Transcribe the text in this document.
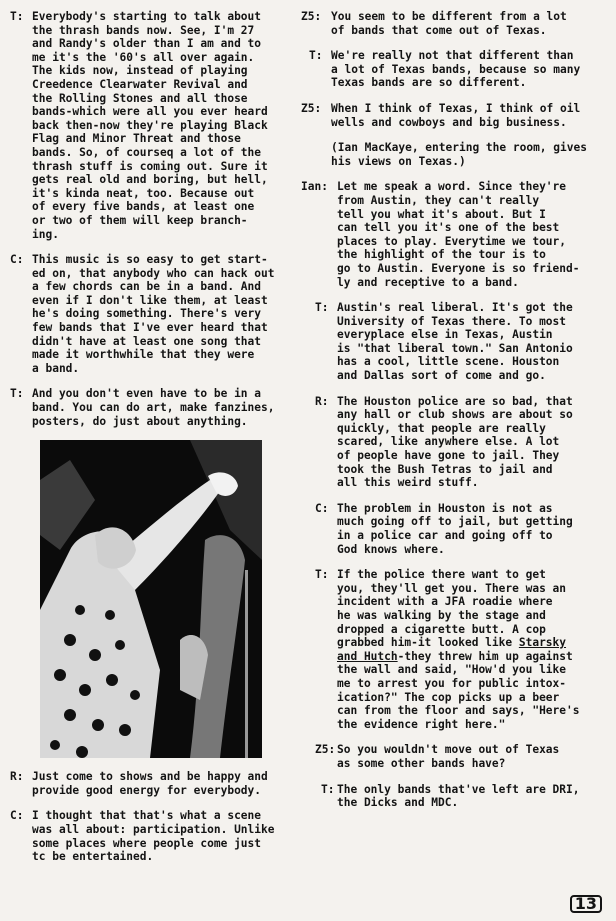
T: Everybody's starting to talk about
the thrash bands now. See, I'm 27
and Randy's older than I am and to
me it's the '60's all over again.
The kids now, instead of playing
Creedence Clearwater Revival and
the Rolling Stones and all those
bands-which were all you ever heard
back then-now they're playing Black
Flag and Minor Threat and those
bands. So, of courseq a lot of the
thrash stuff is coming out. Sure it
gets real old and boring, but hell,
it's kinda neat, too. Because out
of every five bands, at least one
or two of them will keep branch-
ing.
C: This music is so easy to get start-
ed on, that anybody who can hack out
a few chords can be in a band. And
even if I don't like them, at least
he's doing something. There's very
few bands that I've ever heard that
didn't have at least one song that
made it worthwhile that they were
a band.
T: And you don't even have to be in a
band. You can do art, make fanzines,
posters, do just about anything.
R: Just come to shows and be happy and
provide good energy for everybody.
C: I thought that that's what a scene
was all about: participation. Unlike
some places where people come just
tc be entertained.
Z5: You seem to be different from a lot
of bands that come out of Texas.
T: We're really not that different than
a lot of Texas bands, because so many
Texas bands are so different.
Z5: When I think of Texas, I think of oil
wells and cowboys and big business.
(Ian MacKaye, entering the room, gives
his views on Texas.)
Ian: Let me speak a word. Since they're
from Austin, they can't really
tell you what it's about. But I
can tell you it's one of the best
places to play. Everytime we tour,
the highlight of the tour is to
go to Austin. Everyone is so friend-
ly and receptive to a band.
T: Austin's real liberal. It's got the
University of Texas there. To most
everyplace else in Texas, Austin
is "that liberal town." San Antonio
has a cool, little scene. Houston
and Dallas sort of come and go.
R: The Houston police are so bad, that
any hall or club shows are about so
quickly, that people are really
scared, like anywhere else. A lot
of people have gone to jail. They
took the Bush Tetras to jail and
all this weird stuff.
C: The problem in Houston is not as
much going off to jail, but getting
in a police car and going off to
God knows where.
T: If the police there want to get
you, they'll get you. There was an
incident with a JFA roadie where
he was walking by the stage and
dropped a cigarette butt. A cop
grabbed him-it looked like Starsky
and Hutch-they threw him up against
the wall and said, "How'd you like
me to arrest you for public intox-
ication?" The cop picks up a beer
can from the floor and says, "Here's
the evidence right here."
Z5: So you wouldn't move out of Texas
as some other bands have?
T: The only bands that've left are DRI,
the Dicks and MDC.
13
